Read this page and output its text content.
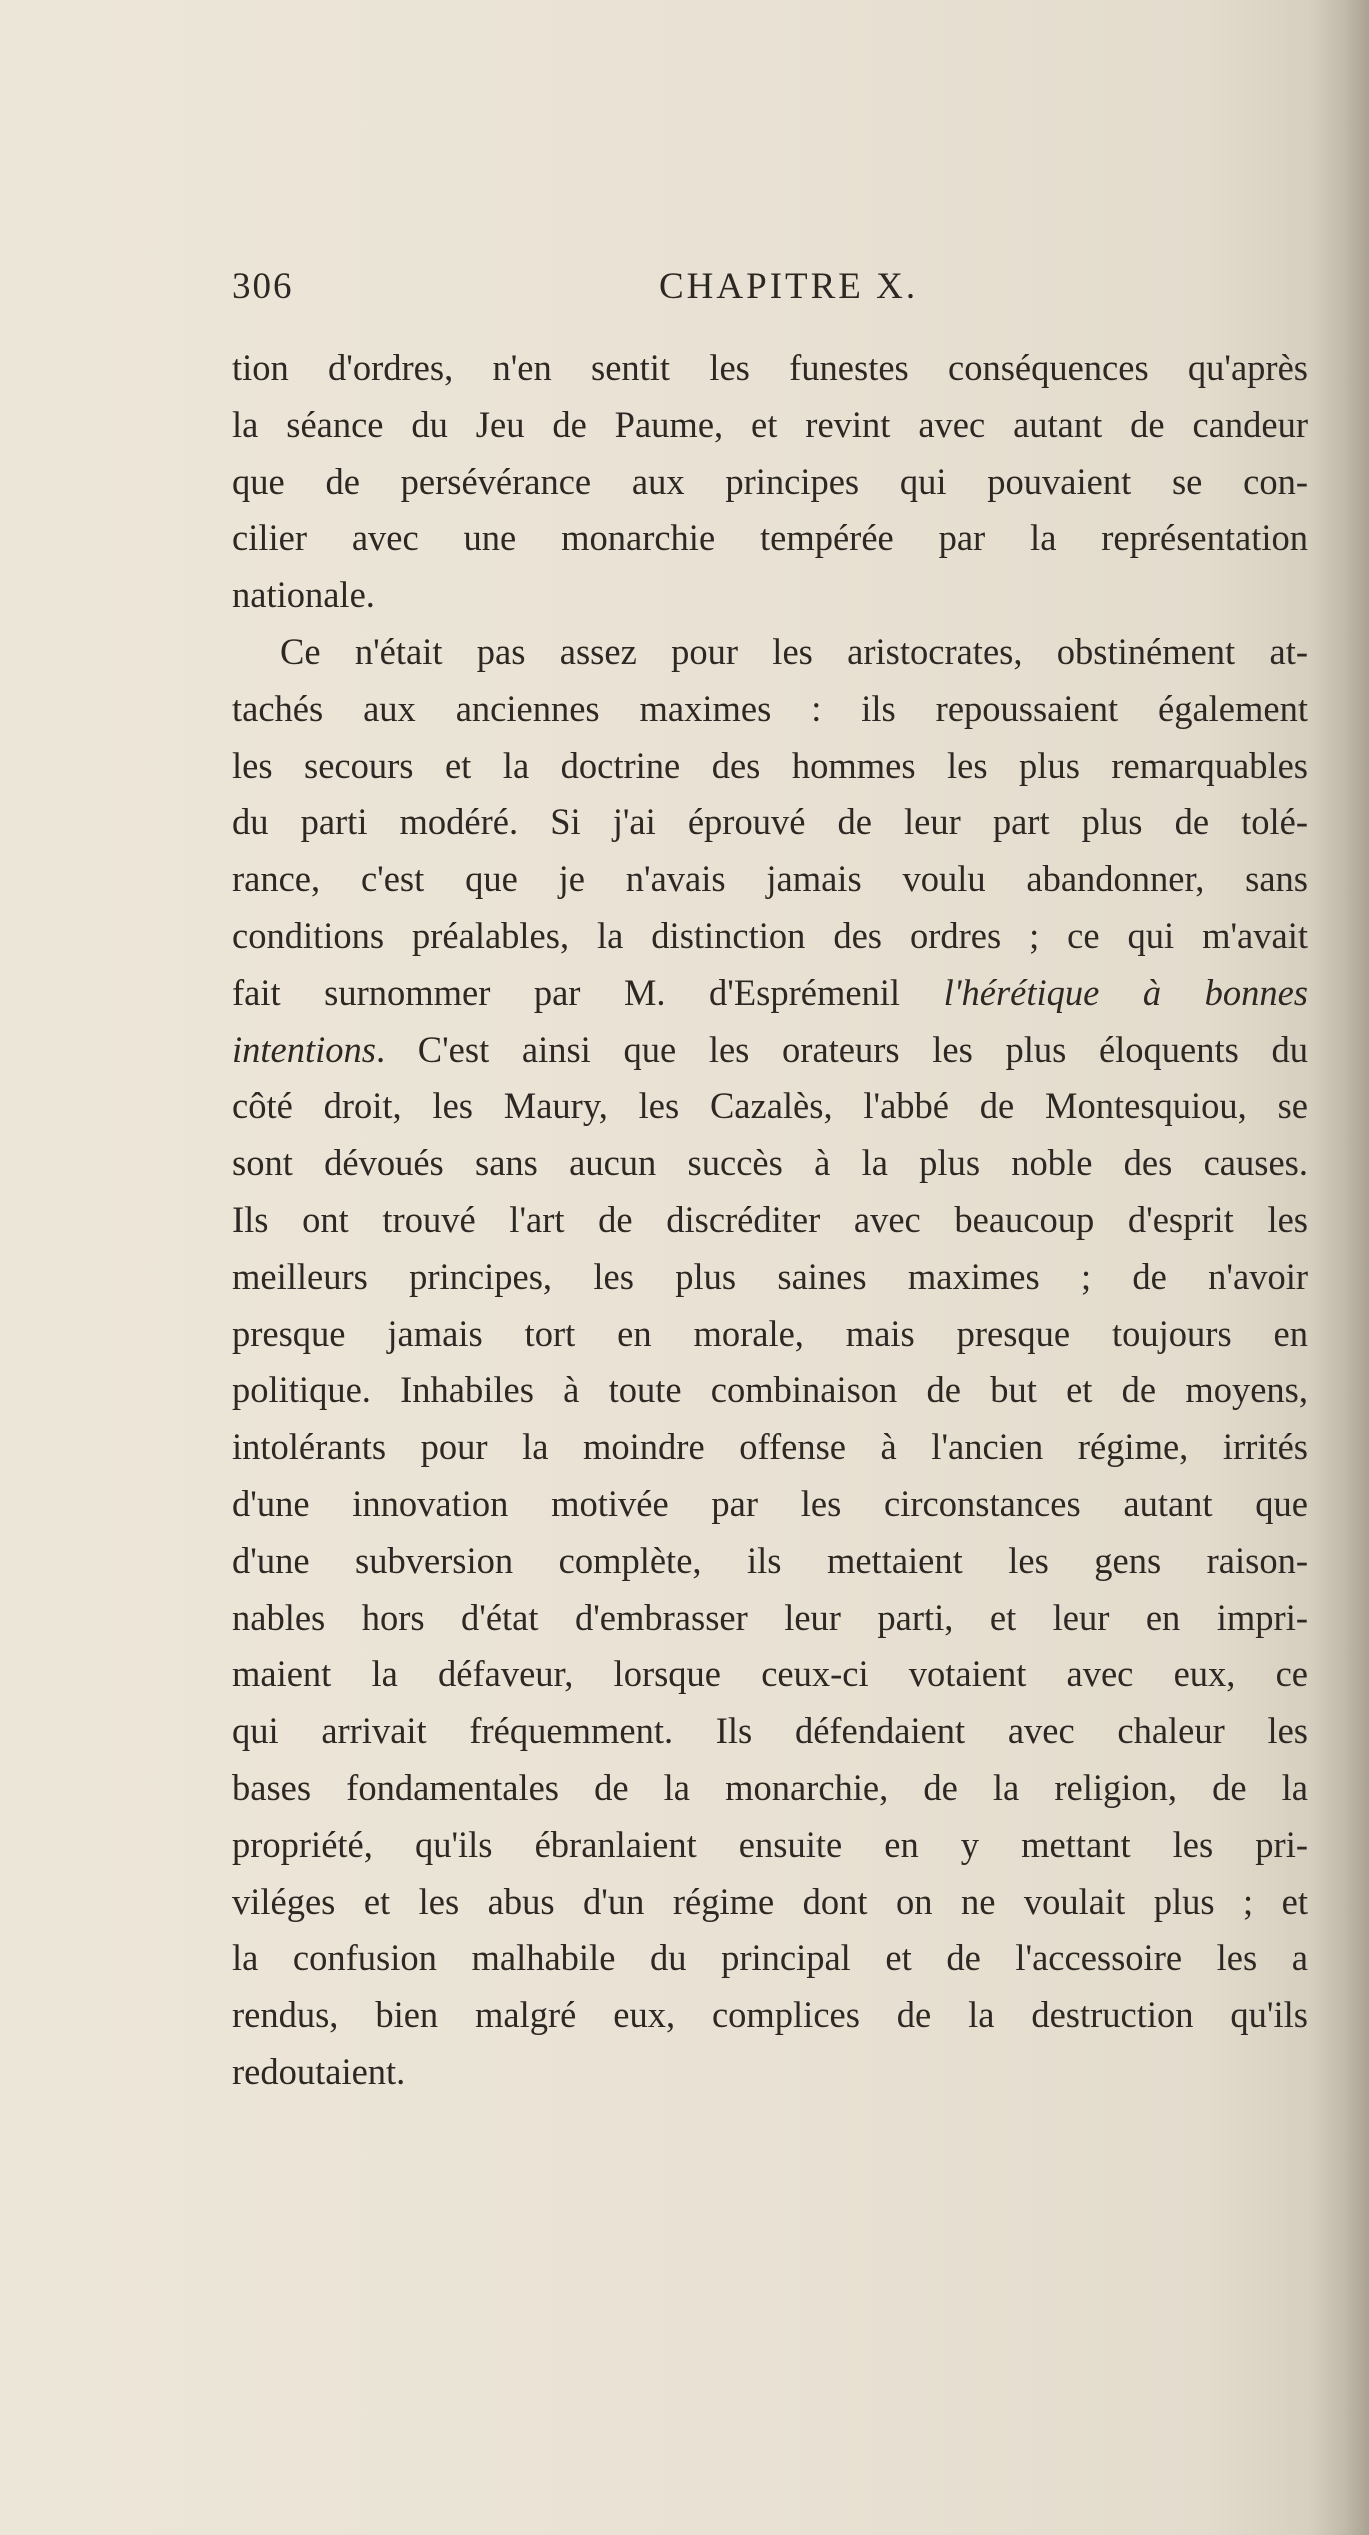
306	CHAPITRE X.
tion d'ordres, n'en sentit les funestes conséquences qu'après
la séance du Jeu de Paume, et revint avec autant de candeur
que de persévérance aux principes qui pouvaient se con-
cilier avec une monarchie tempérée par la représentation
nationale.
Ce n'était pas assez pour les aristocrates, obstinément at-
tachés aux anciennes maximes : ils repoussaient également
les secours et la doctrine des hommes les plus remarquables
du parti modéré. Si j'ai éprouvé de leur part plus de tolé-
rance, c'est que je n'avais jamais voulu abandonner, sans
conditions préalables, la distinction des ordres ; ce qui m'avait
fait surnommer par M. d'Esprémenil l'hérétique à bonnes
intentions. C'est ainsi que les orateurs les plus éloquents du
côté droit, les Maury, les Cazalès, l'abbé de Montesquiou, se
sont dévoués sans aucun succès à la plus noble des causes.
Ils ont trouvé l'art de discréditer avec beaucoup d'esprit les
meilleurs principes, les plus saines maximes ; de n'avoir
presque jamais tort en morale, mais presque toujours en
politique. Inhabiles à toute combinaison de but et de moyens,
intolérants pour la moindre offense à l'ancien régime, irrités
d'une innovation motivée par les circonstances autant que
d'une subversion complète, ils mettaient les gens raison-
nables hors d'état d'embrasser leur parti, et leur en impri-
maient la défaveur, lorsque ceux-ci votaient avec eux, ce
qui arrivait fréquemment. Ils défendaient avec chaleur les
bases fondamentales de la monarchie, de la religion, de la
propriété, qu'ils ébranlaient ensuite en y mettant les pri-
viléges et les abus d'un régime dont on ne voulait plus ; et
la confusion malhabile du principal et de l'accessoire les a
rendus, bien malgré eux, complices de la destruction qu'ils
redoutaient.
